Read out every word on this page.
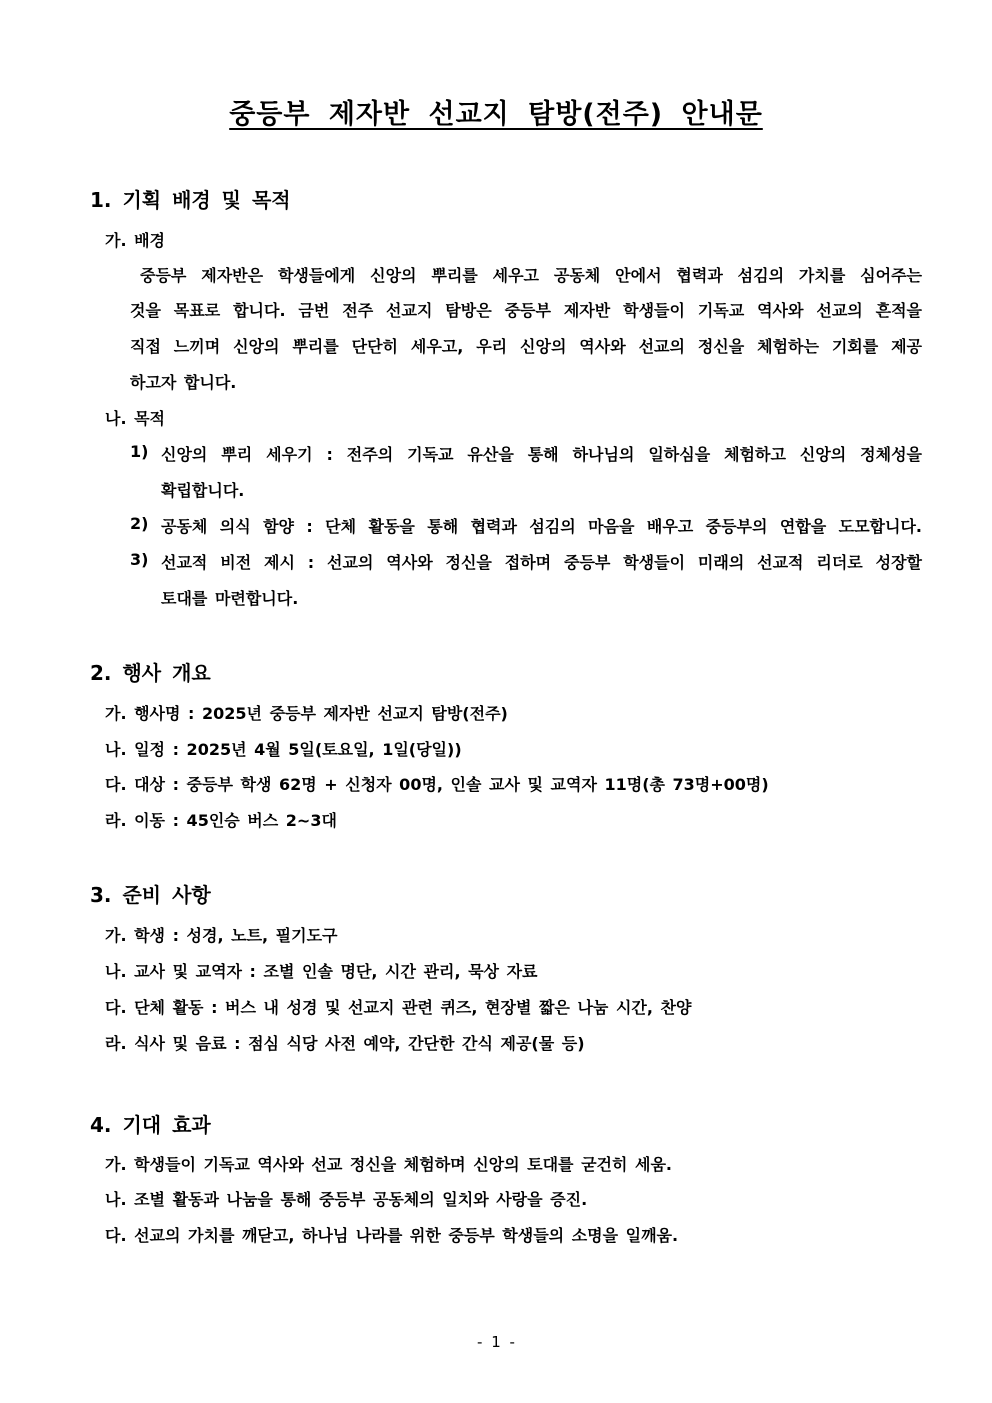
중등부 제자반 선교지 탐방(전주) 안내문
1. 기획 배경 및 목적
가. 배경
중등부 제자반은 학생들에게 신앙의 뿌리를 세우고 공동체 안에서 협력과 섬김의 가치를 심어주는
것을 목표로 합니다. 금번 전주 선교지 탐방은 중등부 제자반 학생들이 기독교 역사와 선교의 흔적을
직접 느끼며 신앙의 뿌리를 단단히 세우고, 우리 신앙의 역사와 선교의 정신을 체험하는 기회를 제공
하고자 합니다.
나. 목적
1) 신앙의 뿌리 세우기 : 전주의 기독교 유산을 통해 하나님의 일하심을 체험하고 신앙의 정체성을
확립합니다.
2) 공동체 의식 함양 : 단체 활동을 통해 협력과 섬김의 마음을 배우고 중등부의 연합을 도모합니다.
3) 선교적 비전 제시 : 선교의 역사와 정신을 접하며 중등부 학생들이 미래의 선교적 리더로 성장할
토대를 마련합니다.
2. 행사 개요
가. 행사명 : 2025년 중등부 제자반 선교지 탐방(전주)
나. 일정 : 2025년 4월 5일(토요일, 1일(당일))
다. 대상 : 중등부 학생 62명 + 신청자 00명, 인솔 교사 및 교역자 11명(총 73명+00명)
라. 이동 : 45인승 버스 2~3대
3. 준비 사항
가. 학생 : 성경, 노트, 필기도구
나. 교사 및 교역자 : 조별 인솔 명단, 시간 관리, 묵상 자료
다. 단체 활동 : 버스 내 성경 및 선교지 관련 퀴즈, 현장별 짧은 나눔 시간, 찬양
라. 식사 및 음료 : 점심 식당 사전 예약, 간단한 간식 제공(물 등)
4. 기대 효과
가. 학생들이 기독교 역사와 선교 정신을 체험하며 신앙의 토대를 굳건히 세움.
나. 조별 활동과 나눔을 통해 중등부 공동체의 일치와 사랑을 증진.
다. 선교의 가치를 깨닫고, 하나님 나라를 위한 중등부 학생들의 소명을 일깨움.
- 1 -
